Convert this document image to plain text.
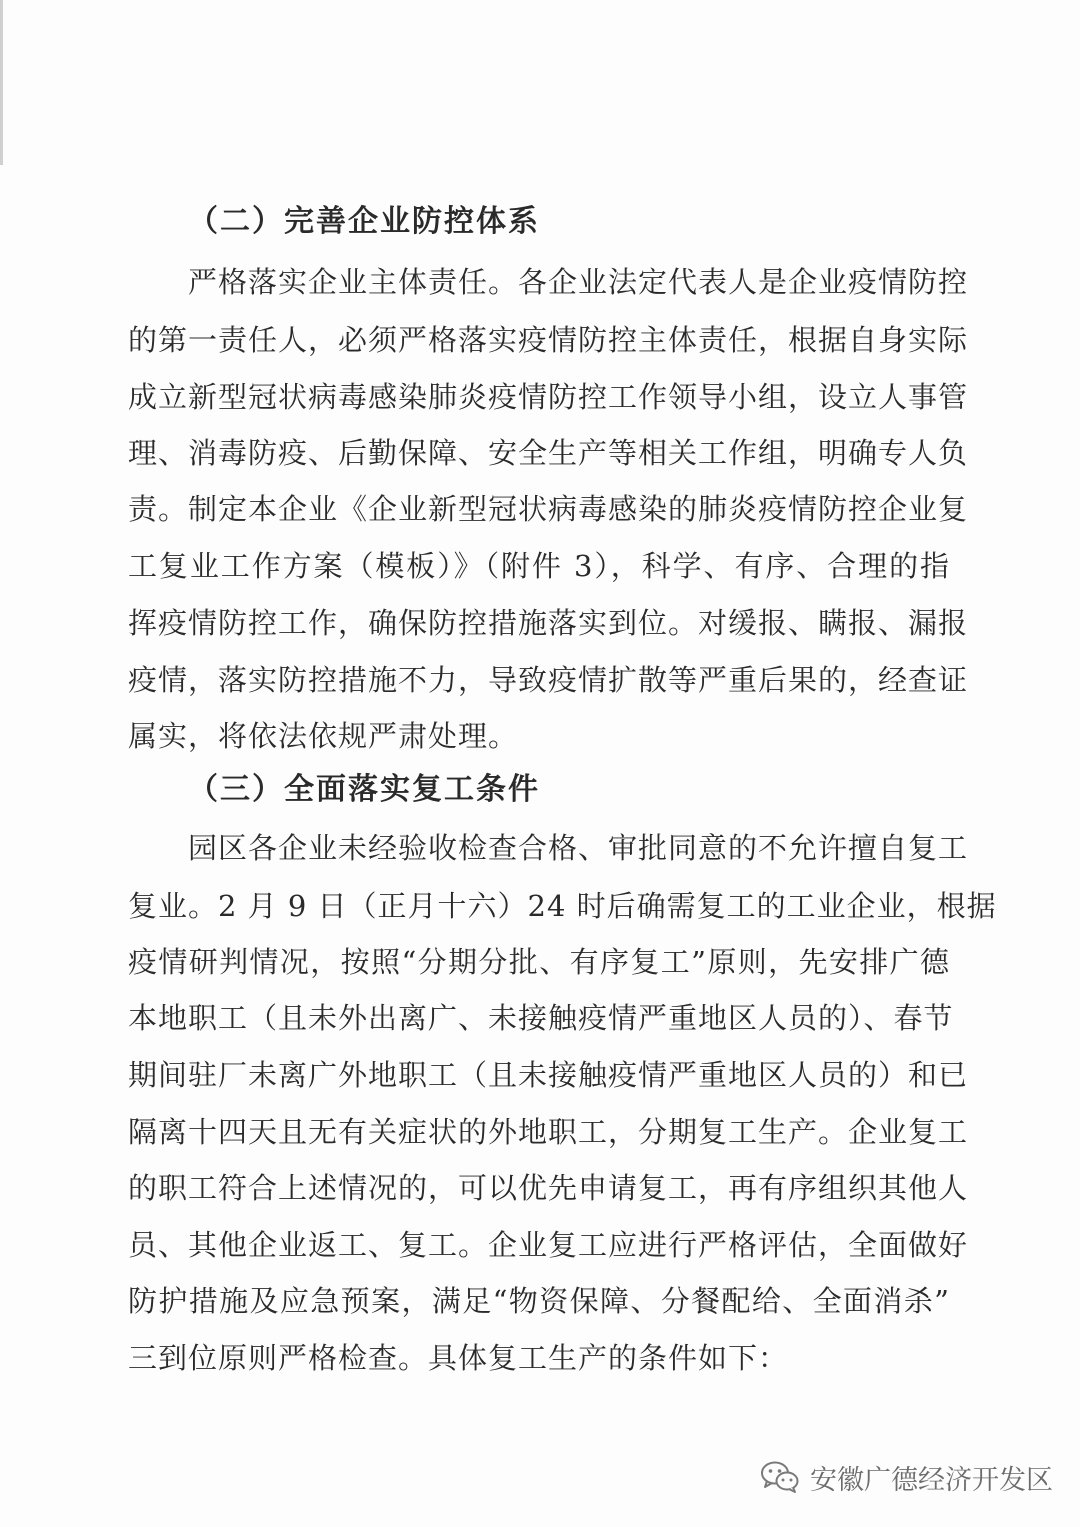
（二）完善企业防控体系
严格落实企业主体责任。各企业法定代表人是企业疫情防控
的第一责任人，必须严格落实疫情防控主体责任，根据自身实际
成立新型冠状病毒感染肺炎疫情防控工作领导小组，设立人事管
理、消毒防疫、后勤保障、安全生产等相关工作组，明确专人负
责。制定本企业《企业新型冠状病毒感染的肺炎疫情防控企业复
工复业工作方案（模板）》（附件 3），科学、有序、合理的指
挥疫情防控工作，确保防控措施落实到位。对缓报、瞒报、漏报
疫情，落实防控措施不力，导致疫情扩散等严重后果的，经查证
属实，将依法依规严肃处理。
（三）全面落实复工条件
园区各企业未经验收检查合格、审批同意的不允许擅自复工
复业。2 月 9 日（正月十六）24 时后确需复工的工业企业，根据
疫情研判情况，按照“分期分批、有序复工”原则，先安排广德
本地职工（且未外出离广、未接触疫情严重地区人员的）、春节
期间驻厂未离广外地职工（且未接触疫情严重地区人员的）和已
隔离十四天且无有关症状的外地职工，分期复工生产。企业复工
的职工符合上述情况的，可以优先申请复工，再有序组织其他人
员、其他企业返工、复工。企业复工应进行严格评估，全面做好
防护措施及应急预案，满足“物资保障、分餐配给、全面消杀”
三到位原则严格检查。具体复工生产的条件如下：
安徽广德经济开发区
